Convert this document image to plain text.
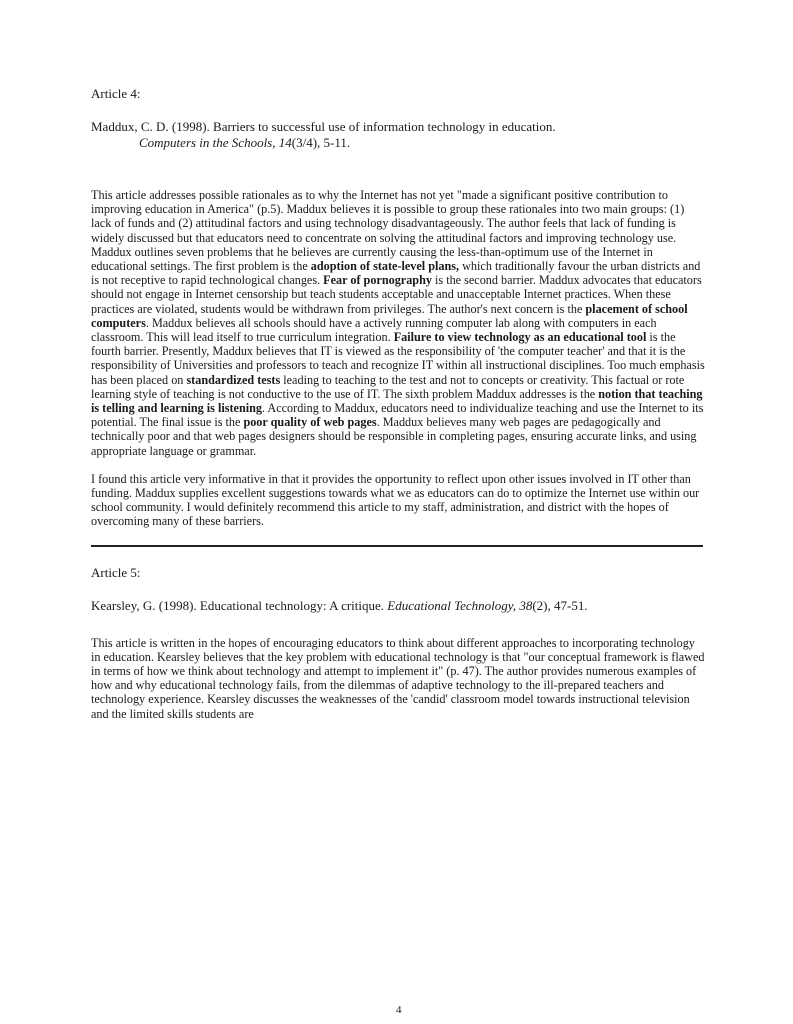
Article 4:
Maddux, C. D. (1998). Barriers to successful use of information technology in education.
Computers in the Schools, 14(3/4), 5-11.

This article addresses possible rationales as to why the Internet has not yet "made a significant positive contribution to improving education in America" (p.5). Maddux believes it is possible to group these rationales into two main groups: (1) lack of funds and (2) attitudinal factors and using technology disadvantageously. The author feels that lack of funding is widely discussed but that educators need to concentrate on solving the attitudinal factors and improving technology use. Maddux outlines seven problems that he believes are currently causing the less-than-optimum use of the Internet in educational settings. The first problem is the adoption of state-level plans, which traditionally favour the urban districts and is not receptive to rapid technological changes. Fear of pornography is the second barrier. Maddux advocates that educators should not engage in Internet censorship but teach students acceptable and unacceptable Internet practices. When these practices are violated, students would be withdrawn from privileges. The author's next concern is the placement of school computers. Maddux believes all schools should have a actively running computer lab along with computers in each classroom. This will lead itself to true curriculum integration. Failure to view technology as an educational tool is the fourth barrier. Presently, Maddux believes that IT is viewed as the responsibility of 'the computer teacher' and that it is the responsibility of Universities and professors to teach and recognize IT within all instructional disciplines. Too much emphasis has been placed on standardized tests leading to teaching to the test and not to concepts or creativity. This factual or rote learning style of teaching is not conductive to the use of IT. The sixth problem Maddux addresses is the notion that teaching is telling and learning is listening. According to Maddux, educators need to individualize teaching and use the Internet to its potential. The final issue is the poor quality of web pages. Maddux believes many web pages are pedagogically and technically poor and that web pages designers should be responsible in completing pages, ensuring accurate links, and using appropriate language or grammar.

I found this article very informative in that it provides the opportunity to reflect upon other issues involved in IT other than funding. Maddux supplies excellent suggestions towards what we as educators can do to optimize the Internet use within our school community. I would definitely recommend this article to my staff, administration, and district with the hopes of overcoming many of these barriers.

Article 5:
Kearsley, G. (1998). Educational technology: A critique. Educational Technology, 38(2), 47-51.

This article is written in the hopes of encouraging educators to think about different approaches to incorporating technology in education. Kearsley believes that the key problem with educational technology is that "our conceptual framework is flawed in terms of how we think about technology and attempt to implement it" (p. 47). The author provides numerous examples of how and why educational technology fails, from the dilemmas of adaptive technology to the ill-prepared teachers and technology experience. Kearsley discusses the weaknesses of the 'candid' classroom model towards instructional television and the limited skills students are

4
